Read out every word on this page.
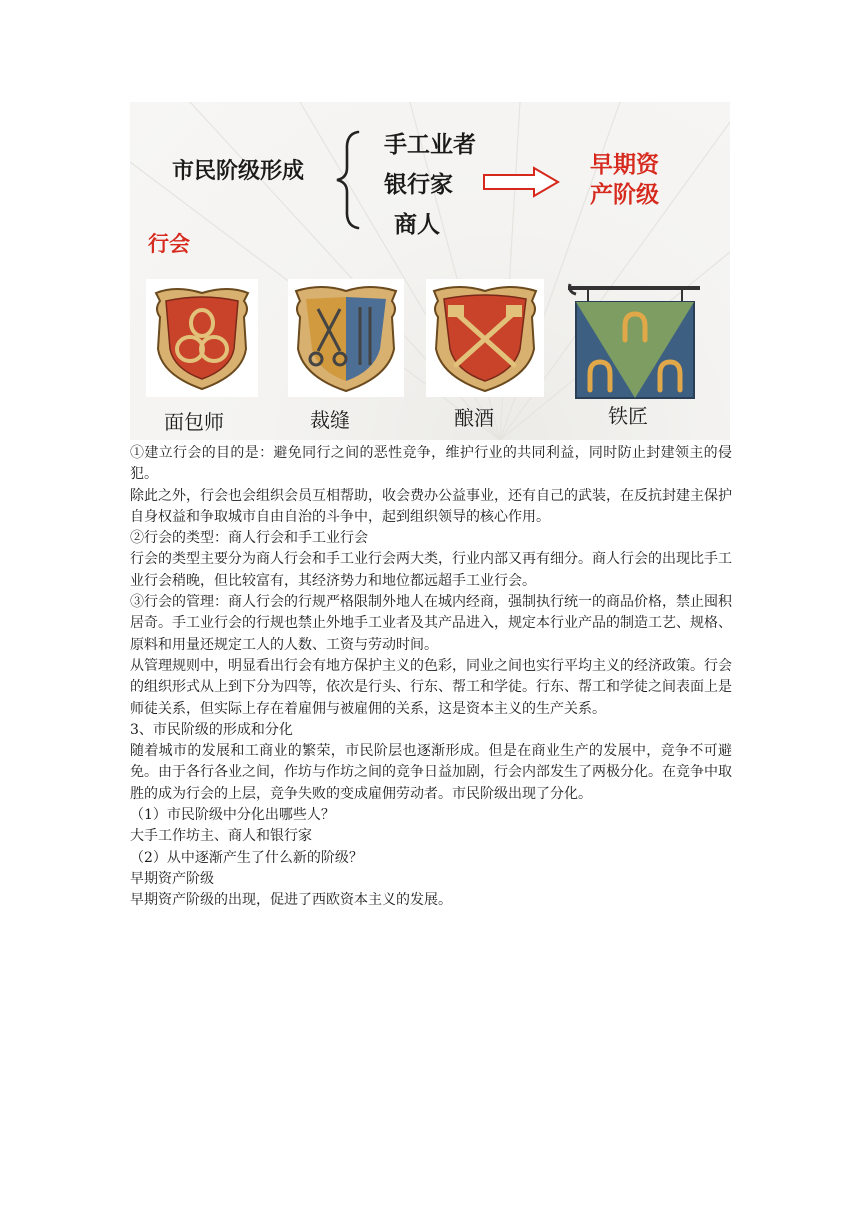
市民阶级形成
手工业者
银行家
商人
早期资
产阶级
行会
面包师	裁缝	酿酒	铁匠

①建立行会的目的是：避免同行之间的恶性竞争，维护行业的共同利益，同时防止封建领主的侵犯。

除此之外，行会也会组织会员互相帮助，收会费办公益事业，还有自己的武装，在反抗封建主保护自身权益和争取城市自由自治的斗争中，起到组织领导的核心作用。

②行会的类型：商人行会和手工业行会

行会的类型主要分为商人行会和手工业行会两大类，行业内部又再有细分。商人行会的出现比手工业行会稍晚，但比较富有，其经济势力和地位都远超手工业行会。

③行会的管理：商人行会的行规严格限制外地人在城内经商，强制执行统一的商品价格，禁止囤积居奇。手工业行会的行规也禁止外地手工业者及其产品进入，规定本行业产品的制造工艺、规格、原料和用量还规定工人的人数、工资与劳动时间。

从管理规则中，明显看出行会有地方保护主义的色彩，同业之间也实行平均主义的经济政策。行会的组织形式从上到下分为四等，依次是行头、行东、帮工和学徒。行东、帮工和学徒之间表面上是师徒关系，但实际上存在着雇佣与被雇佣的关系，这是资本主义的生产关系。

3、市民阶级的形成和分化

随着城市的发展和工商业的繁荣，市民阶层也逐渐形成。但是在商业生产的发展中，竞争不可避免。由于各行各业之间，作坊与作坊之间的竞争日益加剧，行会内部发生了两极分化。在竞争中取胜的成为行会的上层，竞争失败的变成雇佣劳动者。市民阶级出现了分化。

（1）市民阶级中分化出哪些人？

大手工作坊主、商人和银行家

（2）从中逐渐产生了什么新的阶级？

早期资产阶级

早期资产阶级的出现，促进了西欧资本主义的发展。
